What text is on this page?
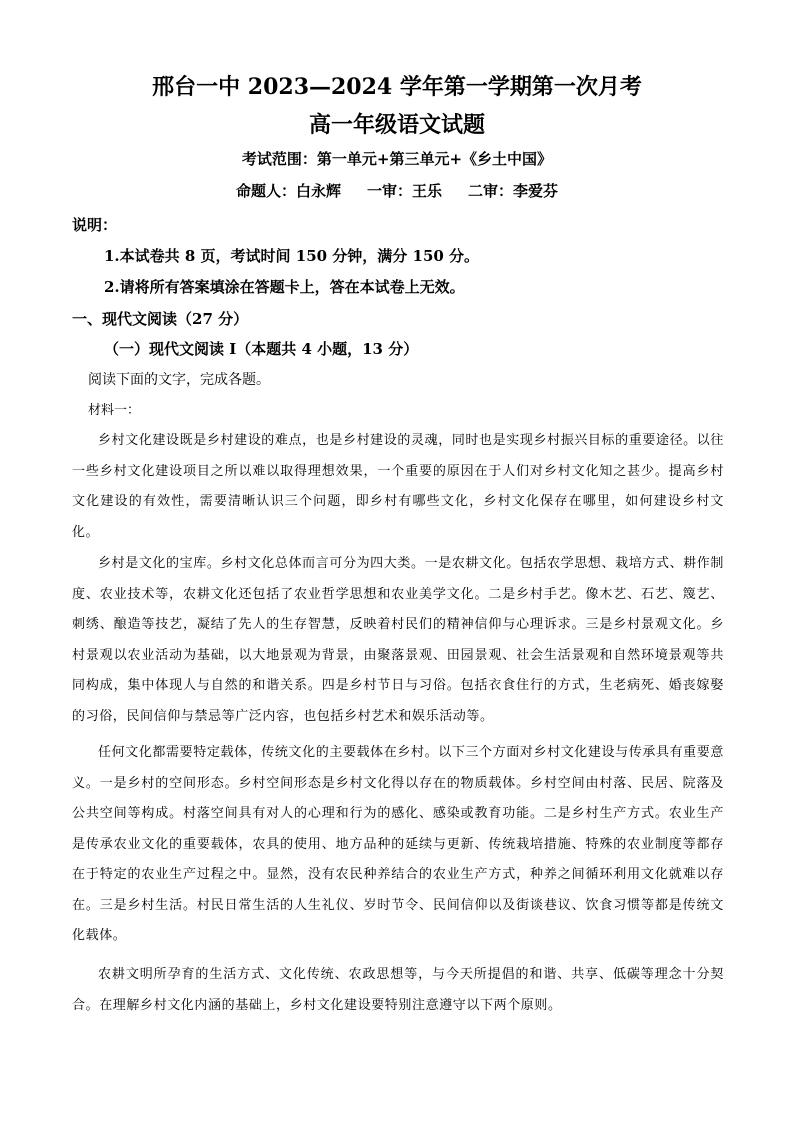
邢台一中 2023—2024 学年第一学期第一次月考
高一年级语文试题
考试范围：第一单元+第三单元+《乡土中国》
命题人：白永辉 一审：王乐 二审：李爱芬
说明：
1.本试卷共 8 页，考试时间 150 分钟，满分 150 分。
2.请将所有答案填涂在答题卡上，答在本试卷上无效。
一、现代文阅读（27 分）
（一）现代文阅读 I（本题共 4 小题，13 分）
阅读下面的文字，完成各题。
材料一：

乡村文化建设既是乡村建设的难点，也是乡村建设的灵魂，同时也是实现乡村振兴目标的重要途径。以往一些乡村文化建设项目之所以难以取得理想效果，一个重要的原因在于人们对乡村文化知之甚少。提高乡村文化建设的有效性，需要清晰认识三个问题，即乡村有哪些文化，乡村文化保存在哪里，如何建设乡村文化。

乡村是文化的宝库。乡村文化总体而言可分为四大类。一是农耕文化。包括农学思想、栽培方式、耕作制度、农业技术等，农耕文化还包括了农业哲学思想和农业美学文化。二是乡村手艺。像木艺、石艺、篾艺、刺绣、酿造等技艺，凝结了先人的生存智慧，反映着村民们的精神信仰与心理诉求。三是乡村景观文化。乡村景观以农业活动为基础，以大地景观为背景，由聚落景观、田园景观、社会生活景观和自然环境景观等共同构成，集中体现人与自然的和谐关系。四是乡村节日与习俗。包括衣食住行的方式，生老病死、婚丧嫁娶的习俗，民间信仰与禁忌等广泛内容，也包括乡村艺术和娱乐活动等。

任何文化都需要特定载体，传统文化的主要载体在乡村。以下三个方面对乡村文化建设与传承具有重要意义。一是乡村的空间形态。乡村空间形态是乡村文化得以存在的物质载体。乡村空间由村落、民居、院落及公共空间等构成。村落空间具有对人的心理和行为的感化、感染或教育功能。二是乡村生产方式。农业生产是传承农业文化的重要载体，农具的使用、地方品种的延续与更新、传统栽培措施、特殊的农业制度等都存在于特定的农业生产过程之中。显然，没有农民种养结合的农业生产方式，种养之间循环利用文化就难以存在。三是乡村生活。村民日常生活的人生礼仪、岁时节令、民间信仰以及街谈巷议、饮食习惯等都是传统文化载体。

农耕文明所孕育的生活方式、文化传统、农政思想等，与今天所提倡的和谐、共享、低碳等理念十分契合。在理解乡村文化内涵的基础上，乡村文化建设要特别注意遵守以下两个原则。
